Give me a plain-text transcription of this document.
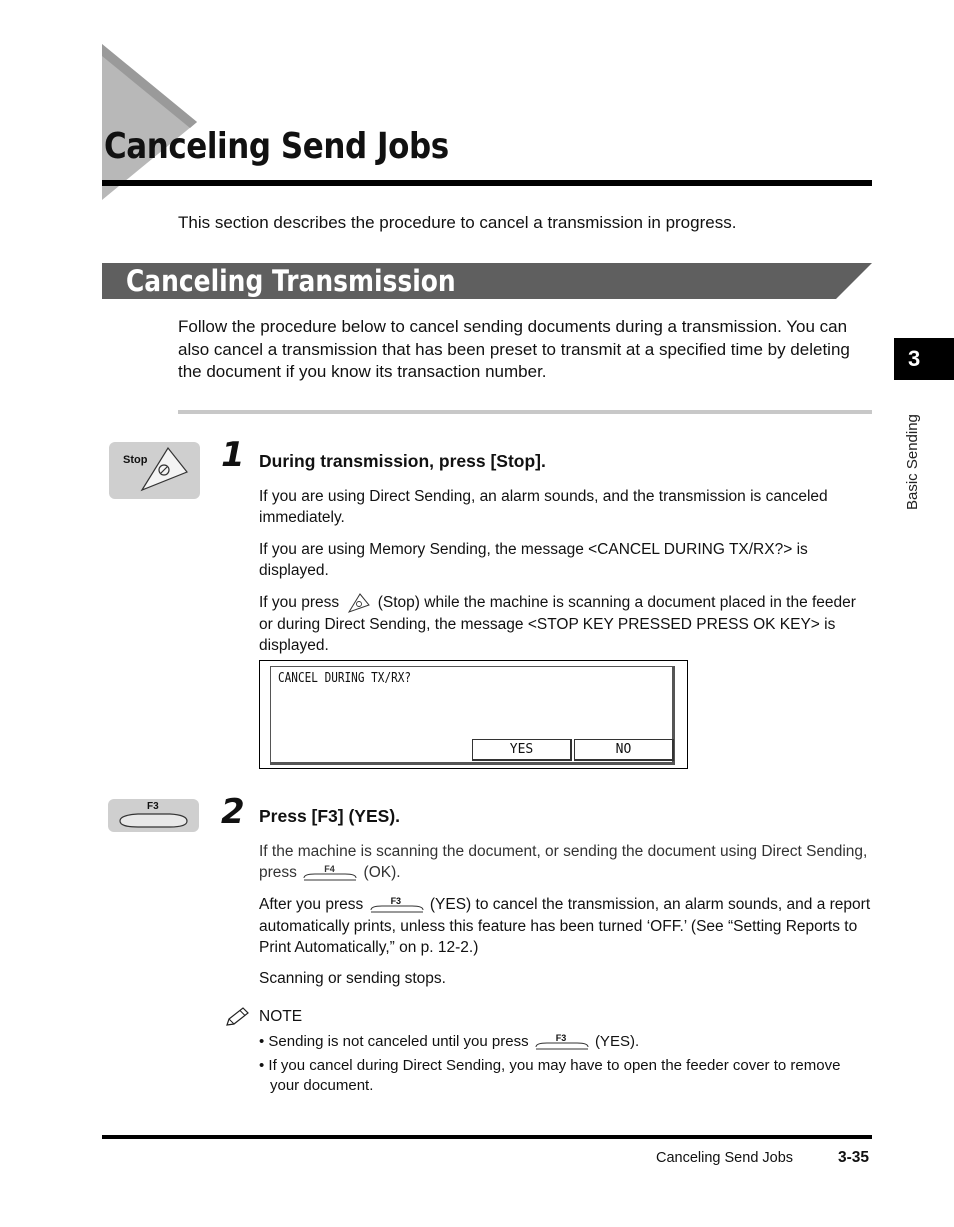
Canceling Send Jobs
This section describes the procedure to cancel a transmission in progress.
Canceling Transmission
Follow the procedure below to cancel sending documents during a transmission. You can also cancel a transmission that has been preset to transmit at a specified time by deleting the document if you know its transaction number.
3
Basic Sending
Stop 1 During transmission, press [Stop].
If you are using Direct Sending, an alarm sounds, and the transmission is canceled immediately.
If you are using Memory Sending, the message <CANCEL DURING TX/RX?> is displayed.
If you press (Stop) while the machine is scanning a document placed in the feeder or during Direct Sending, the message <STOP KEY PRESSED PRESS OK KEY> is displayed.
CANCEL DURING TX/RX?
YES	NO
F3 2 Press [F3] (YES).
If the machine is scanning the document, or sending the document using Direct Sending, press	F4 (OK).
After you press	F3 (YES) to cancel the transmission, an alarm sounds, and a report automatically prints, unless this feature has been turned ‘OFF.’ (See “Setting Reports to Print Automatically,” on p. 12-2.)
Scanning or sending stops.
NOTE
• Sending is not canceled until you press	F3 (YES).
• If you cancel during Direct Sending, you may have to open the feeder cover to remove your document.
Canceling Send Jobs	3-35
